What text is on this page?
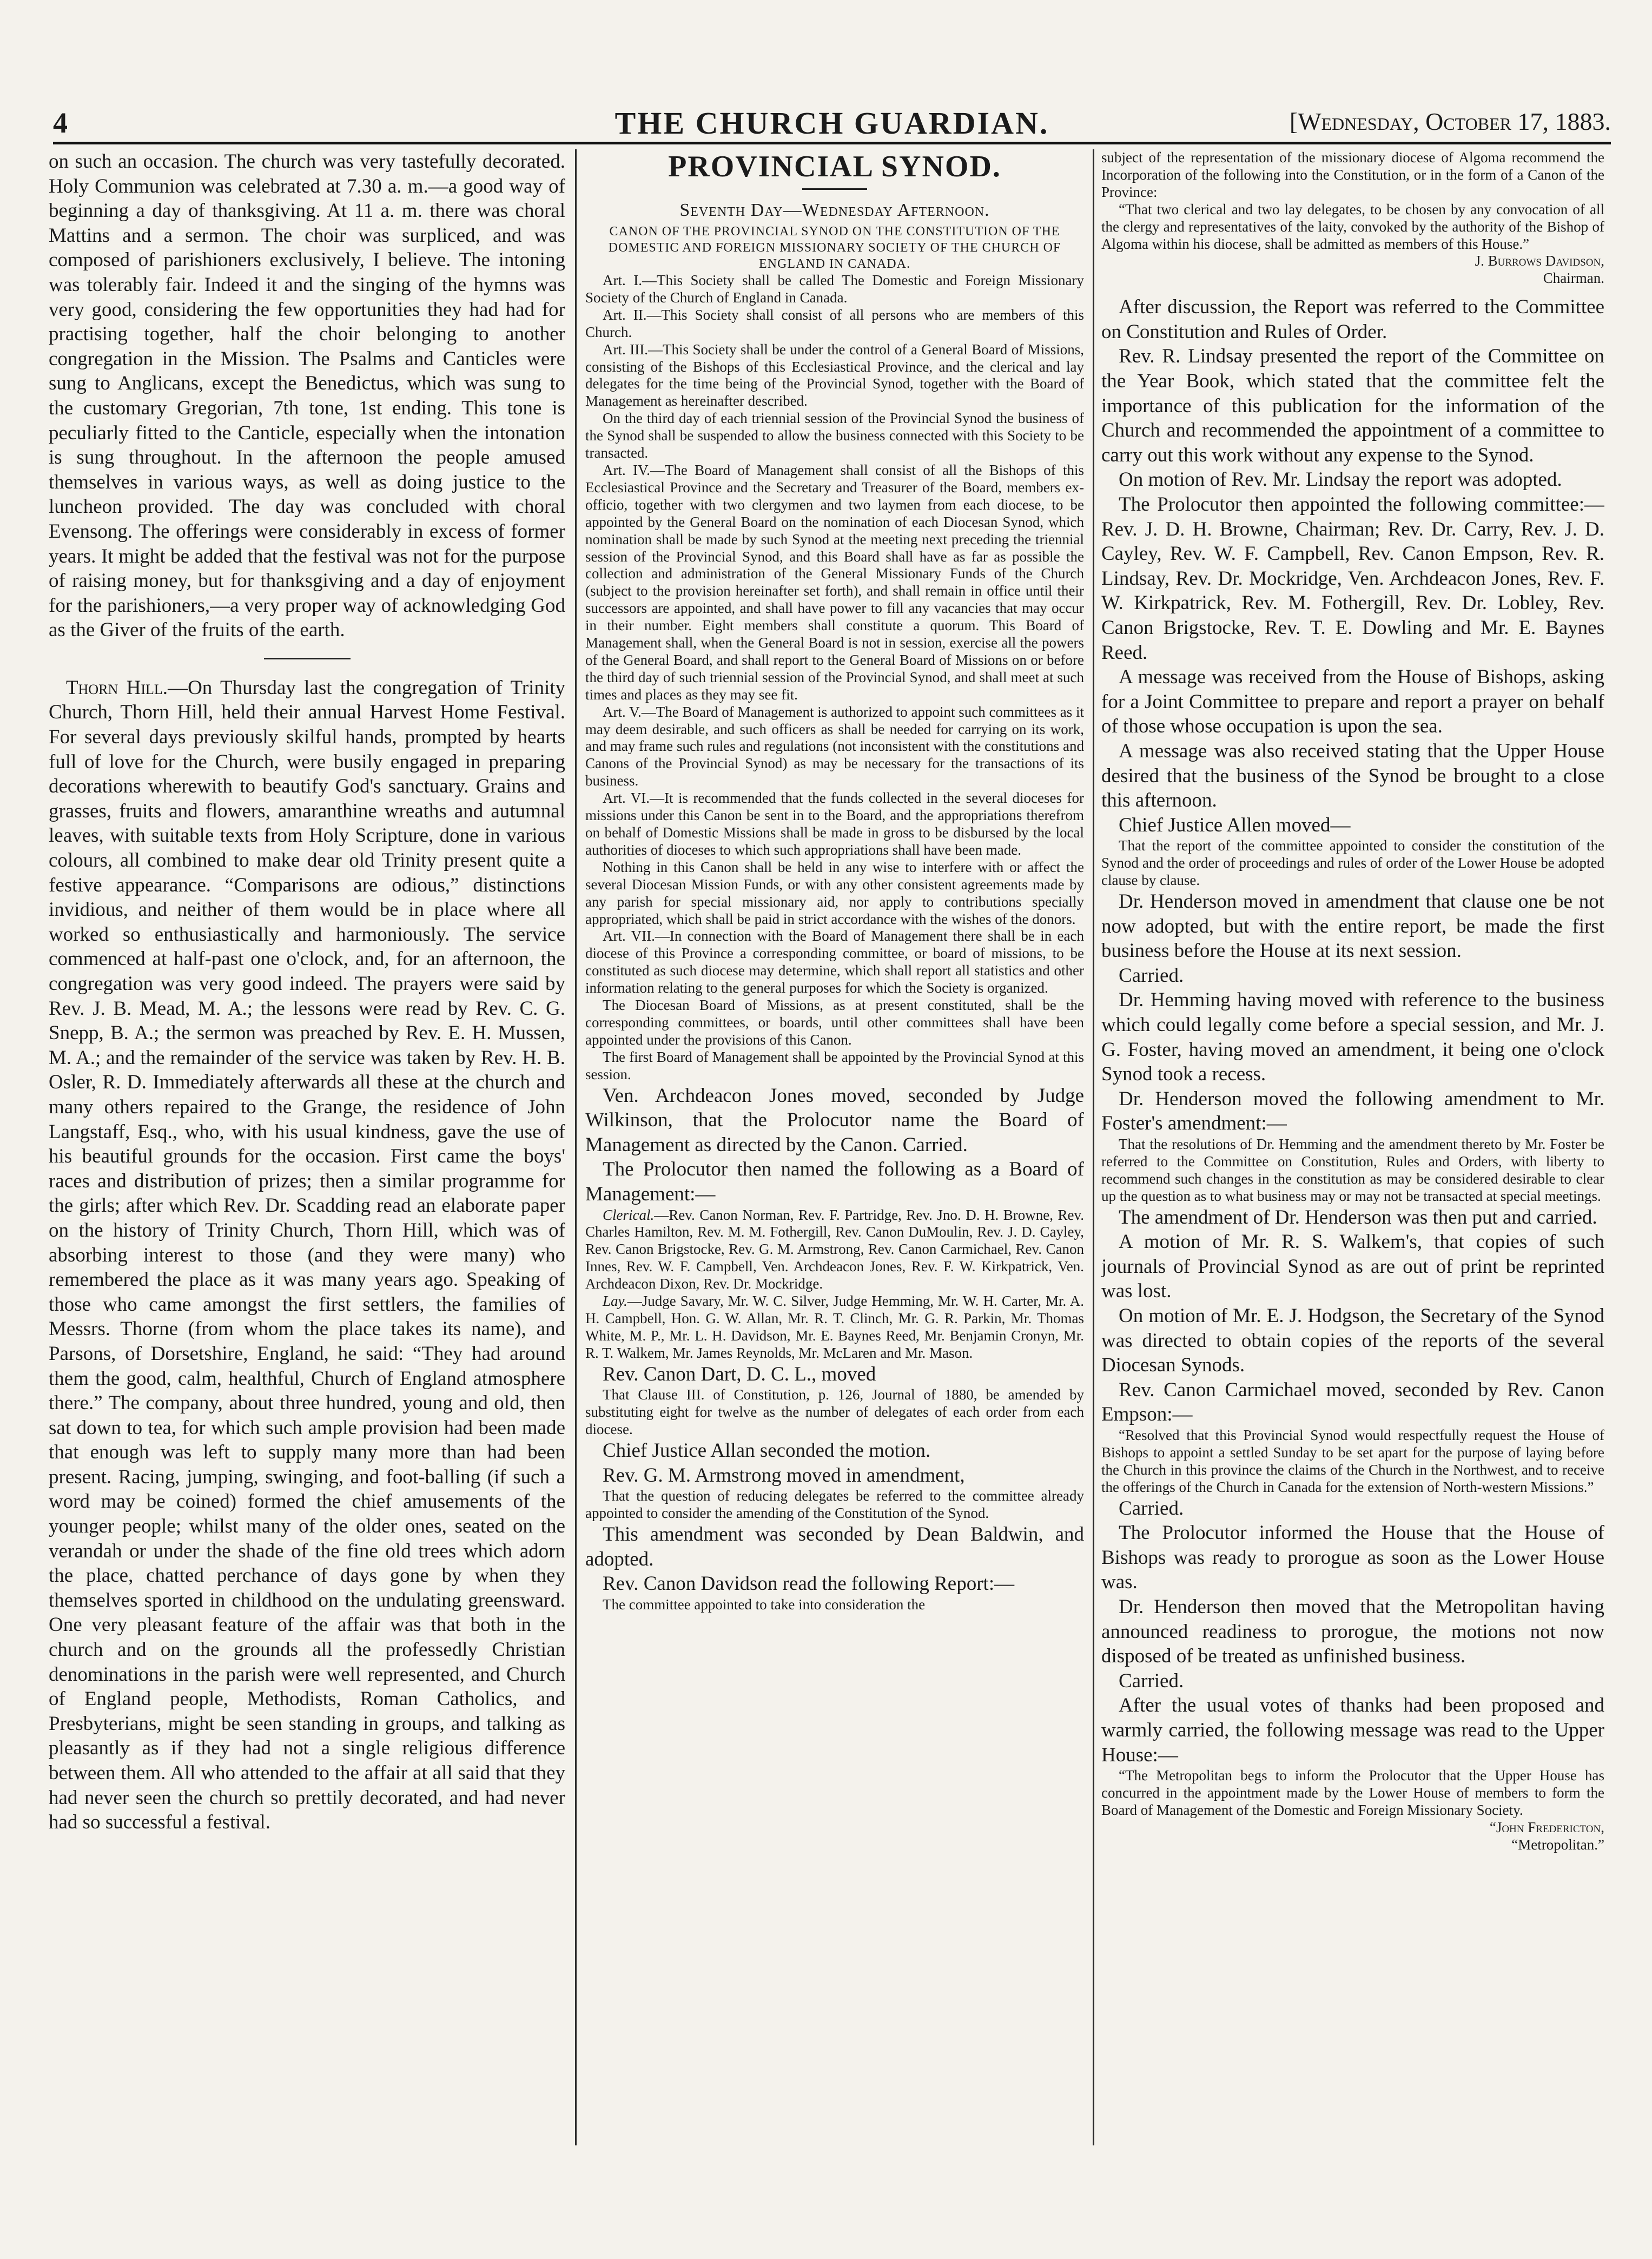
4	THE CHURCH GUARDIAN.	[Wednesday, October 17, 1883.

on such an occasion. The church was very tastefully decorated. Holy Communion was celebrated at 7.30 a. m.—a good way of beginning a day of thanksgiving. At 11 a. m. there was choral Mattins and a sermon. The choir was surpliced, and was composed of parishioners exclusively, I believe. The intoning was tolerably fair. Indeed it and the singing of the hymns was very good, considering the few opportunities they had had for practising together, half the choir belonging to another congregation in the Mission. The Psalms and Canticles were sung to Anglicans, except the Benedictus, which was sung to the customary Gregorian, 7th tone, 1st ending. This tone is peculiarly fitted to the Canticle, especially when the intonation is sung throughout. In the afternoon the people amused themselves in various ways, as well as doing justice to the luncheon provided. The day was concluded with choral Evensong. The offerings were considerably in excess of former years. It might be added that the festival was not for the purpose of raising money, but for thanksgiving and a day of enjoyment for the parishioners,—a very proper way of acknowledging God as the Giver of the fruits of the earth.

Thorn Hill.—On Thursday last the congregation of Trinity Church, Thorn Hill, held their annual Harvest Home Festival. For several days previously skilful hands, prompted by hearts full of love for the Church, were busily engaged in preparing decorations wherewith to beautify God's sanctuary. Grains and grasses, fruits and flowers, amaranthine wreaths and autumnal leaves, with suitable texts from Holy Scripture, done in various colours, all combined to make dear old Trinity present quite a festive appearance. “Comparisons are odious,” distinctions invidious, and neither of them would be in place where all worked so enthusiastically and harmoniously. The service commenced at half-past one o'clock, and, for an afternoon, the congregation was very good indeed. The prayers were said by Rev. J. B. Mead, M. A.; the lessons were read by Rev. C. G. Snepp, B. A.; the sermon was preached by Rev. E. H. Mussen, M. A.; and the remainder of the service was taken by Rev. H. B. Osler, R. D. Immediately afterwards all these at the church and many others repaired to the Grange, the residence of John Langstaff, Esq., who, with his usual kindness, gave the use of his beautiful grounds for the occasion. First came the boys' races and distribution of prizes; then a similar programme for the girls; after which Rev. Dr. Scadding read an elaborate paper on the history of Trinity Church, Thorn Hill, which was of absorbing interest to those (and they were many) who remembered the place as it was many years ago. Speaking of those who came amongst the first settlers, the families of Messrs. Thorne (from whom the place takes its name), and Parsons, of Dorsetshire, England, he said: “They had around them the good, calm, healthful, Church of England atmosphere there.” The company, about three hundred, young and old, then sat down to tea, for which such ample provision had been made that enough was left to supply many more than had been present. Racing, jumping, swinging, and foot-balling (if such a word may be coined) formed the chief amusements of the younger people; whilst many of the older ones, seated on the verandah or under the shade of the fine old trees which adorn the place, chatted perchance of days gone by when they themselves sported in childhood on the undulating greensward. One very pleasant feature of the affair was that both in the church and on the grounds all the professedly Christian denominations in the parish were well represented, and Church of England people, Methodists, Roman Catholics, and Presbyterians, might be seen standing in groups, and talking as pleasantly as if they had not a single religious difference between them. All who attended to the affair at all said that they had never seen the church so prettily decorated, and had never had so successful a festival.

PROVINCIAL SYNOD.
Seventh Day—Wednesday Afternoon.

CANON OF THE PROVINCIAL SYNOD ON THE CONSTITUTION OF THE DOMESTIC AND FOREIGN MISSIONARY SOCIETY OF THE CHURCH OF ENGLAND IN CANADA.

Art. I.—This Society shall be called The Domestic and Foreign Missionary Society of the Church of England in Canada.

Art. II.—This Society shall consist of all persons who are members of this Church.

Art. III.—This Society shall be under the control of a General Board of Missions, consisting of the Bishops of this Ecclesiastical Province, and the clerical and lay delegates for the time being of the Provincial Synod, together with the Board of Management as hereinafter described.

On the third day of each triennial session of the Provincial Synod the business of the Synod shall be suspended to allow the business connected with this Society to be transacted.

Art. IV.—The Board of Management shall consist of all the Bishops of this Ecclesiastical Province and the Secretary and Treasurer of the Board, members ex-officio, together with two clergymen and two laymen from each diocese, to be appointed by the General Board on the nomination of each Diocesan Synod, which nomination shall be made by such Synod at the meeting next preceding the triennial session of the Provincial Synod, and this Board shall have as far as possible the collection and administration of the General Missionary Funds of the Church (subject to the provision hereinafter set forth), and shall remain in office until their successors are appointed, and shall have power to fill any vacancies that may occur in their number. Eight members shall constitute a quorum. This Board of Management shall, when the General Board is not in session, exercise all the powers of the General Board, and shall report to the General Board of Missions on or before the third day of such triennial session of the Provincial Synod, and shall meet at such times and places as they may see fit.

Art. V.—The Board of Management is authorized to appoint such committees as it may deem desirable, and such officers as shall be needed for carrying on its work, and may frame such rules and regulations (not inconsistent with the constitutions and Canons of the Provincial Synod) as may be necessary for the transactions of its business.

Art. VI.—It is recommended that the funds collected in the several dioceses for missions under this Canon be sent in to the Board, and the appropriations therefrom on behalf of Domestic Missions shall be made in gross to be disbursed by the local authorities of dioceses to which such appropriations shall have been made.

Nothing in this Canon shall be held in any wise to interfere with or affect the several Diocesan Mission Funds, or with any other consistent agreements made by any parish for special missionary aid, nor apply to contributions specially appropriated, which shall be paid in strict accordance with the wishes of the donors.

Art. VII.—In connection with the Board of Management there shall be in each diocese of this Province a corresponding committee, or board of missions, to be constituted as such diocese may determine, which shall report all statistics and other information relating to the general purposes for which the Society is organized.

The Diocesan Board of Missions, as at present constituted, shall be the corresponding committees, or boards, until other committees shall have been appointed under the provisions of this Canon.

The first Board of Management shall be appointed by the Provincial Synod at this session.

Ven. Archdeacon Jones moved, seconded by Judge Wilkinson, that the Prolocutor name the Board of Management as directed by the Canon. Carried.

The Prolocutor then named the following as a Board of Management:—

Clerical.—Rev. Canon Norman, Rev. F. Partridge, Rev. Jno. D. H. Browne, Rev. Charles Hamilton, Rev. M. M. Fothergill, Rev. Canon DuMoulin, Rev. J. D. Cayley, Rev. Canon Brigstocke, Rev. G. M. Armstrong, Rev. Canon Carmichael, Rev. Canon Innes, Rev. W. F. Campbell, Ven. Archdeacon Jones, Rev. F. W. Kirkpatrick, Ven. Archdeacon Dixon, Rev. Dr. Mockridge.

Lay.—Judge Savary, Mr. W. C. Silver, Judge Hemming, Mr. W. H. Carter, Mr. A. H. Campbell, Hon. G. W. Allan, Mr. R. T. Clinch, Mr. G. R. Parkin, Mr. Thomas White, M. P., Mr. L. H. Davidson, Mr. E. Baynes Reed, Mr. Benjamin Cronyn, Mr. R. T. Walkem, Mr. James Reynolds, Mr. McLaren and Mr. Mason.

Rev. Canon Dart, D. C. L., moved

That Clause III. of Constitution, p. 126, Journal of 1880, be amended by substituting eight for twelve as the number of delegates of each order from each diocese.

Chief Justice Allan seconded the motion.

Rev. G. M. Armstrong moved in amendment,

That the question of reducing delegates be referred to the committee already appointed to consider the amending of the Constitution of the Synod.

This amendment was seconded by Dean Baldwin, and adopted.

Rev. Canon Davidson read the following Report:—

The committee appointed to take into consideration the

subject of the representation of the missionary diocese of Algoma recommend the Incorporation of the following into the Constitution, or in the form of a Canon of the Province:

“That two clerical and two lay delegates, to be chosen by any convocation of all the clergy and representatives of the laity, convoked by the authority of the Bishop of Algoma within his diocese, shall be admitted as members of this House.”

J. Burrows Davidson,

Chairman.

After discussion, the Report was referred to the Committee on Constitution and Rules of Order.

Rev. R. Lindsay presented the report of the Committee on the Year Book, which stated that the committee felt the importance of this publication for the information of the Church and recommended the appointment of a committee to carry out this work without any expense to the Synod.

On motion of Rev. Mr. Lindsay the report was adopted.

The Prolocutor then appointed the following committee:—Rev. J. D. H. Browne, Chairman; Rev. Dr. Carry, Rev. J. D. Cayley, Rev. W. F. Campbell, Rev. Canon Empson, Rev. R. Lindsay, Rev. Dr. Mockridge, Ven. Archdeacon Jones, Rev. F. W. Kirkpatrick, Rev. M. Fothergill, Rev. Dr. Lobley, Rev. Canon Brigstocke, Rev. T. E. Dowling and Mr. E. Baynes Reed.

A message was received from the House of Bishops, asking for a Joint Committee to prepare and report a prayer on behalf of those whose occupation is upon the sea.

A message was also received stating that the Upper House desired that the business of the Synod be brought to a close this afternoon.

Chief Justice Allen moved—

That the report of the committee appointed to consider the constitution of the Synod and the order of proceedings and rules of order of the Lower House be adopted clause by clause.

Dr. Henderson moved in amendment that clause one be not now adopted, but with the entire report, be made the first business before the House at its next session.

Carried.

Dr. Hemming having moved with reference to the business which could legally come before a special session, and Mr. J. G. Foster, having moved an amendment, it being one o'clock Synod took a recess.

Dr. Henderson moved the following amendment to Mr. Foster's amendment:—

That the resolutions of Dr. Hemming and the amendment thereto by Mr. Foster be referred to the Committee on Constitution, Rules and Orders, with liberty to recommend such changes in the constitution as may be considered desirable to clear up the question as to what business may or may not be transacted at special meetings.

The amendment of Dr. Henderson was then put and carried.

A motion of Mr. R. S. Walkem's, that copies of such journals of Provincial Synod as are out of print be reprinted was lost.

On motion of Mr. E. J. Hodgson, the Secretary of the Synod was directed to obtain copies of the reports of the several Diocesan Synods.

Rev. Canon Carmichael moved, seconded by Rev. Canon Empson:—

“Resolved that this Provincial Synod would respectfully request the House of Bishops to appoint a settled Sunday to be set apart for the purpose of laying before the Church in this province the claims of the Church in the Northwest, and to receive the offerings of the Church in Canada for the extension of North-western Missions.”

Carried.

The Prolocutor informed the House that the House of Bishops was ready to prorogue as soon as the Lower House was.

Dr. Henderson then moved that the Metropolitan having announced readiness to prorogue, the motions not now disposed of be treated as unfinished business.

Carried.

After the usual votes of thanks had been proposed and warmly carried, the following message was read to the Upper House:—

“The Metropolitan begs to inform the Prolocutor that the Upper House has concurred in the appointment made by the Lower House of members to form the Board of Management of the Domestic and Foreign Missionary Society.

“John Fredericton,

“Metropolitan.”
